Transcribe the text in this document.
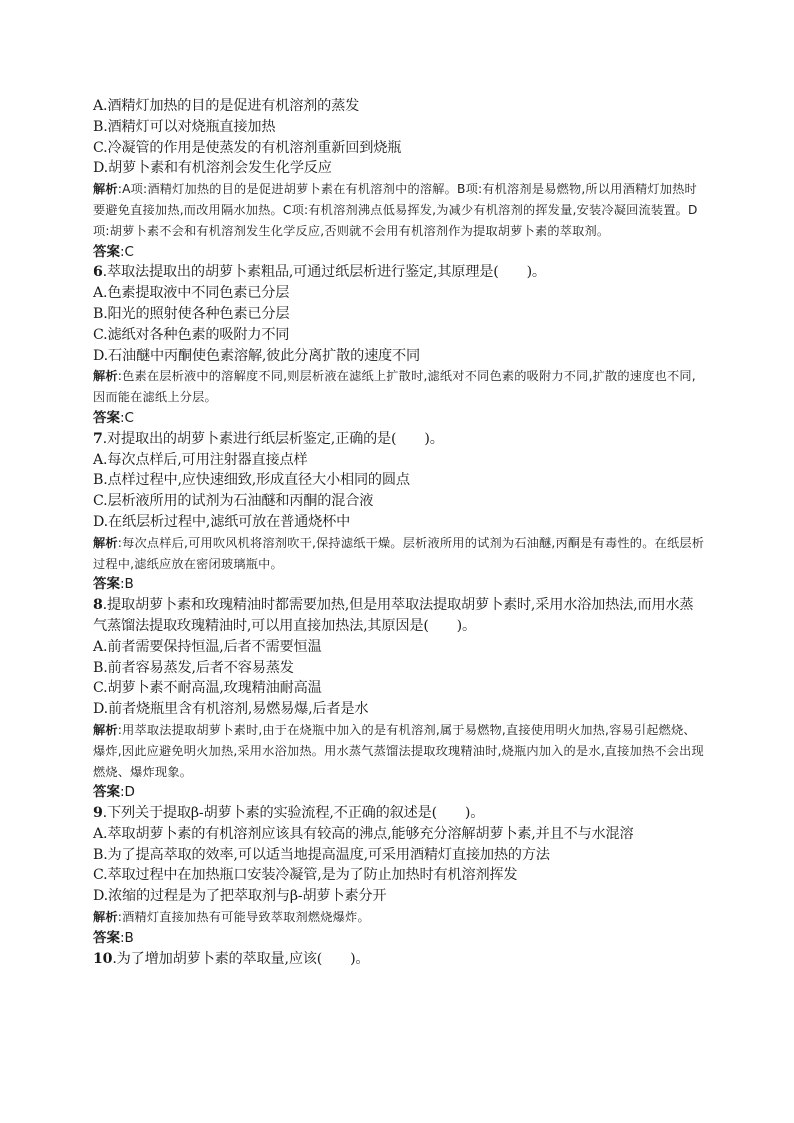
A.酒精灯加热的目的是促进有机溶剂的蒸发
B.酒精灯可以对烧瓶直接加热
C.冷凝管的作用是使蒸发的有机溶剂重新回到烧瓶
D.胡萝卜素和有机溶剂会发生化学反应
解析:A项:酒精灯加热的目的是促进胡萝卜素在有机溶剂中的溶解。B项:有机溶剂是易燃物,所以用酒精灯加热时要避免直接加热,而改用隔水加热。C项:有机溶剂沸点低易挥发,为减少有机溶剂的挥发量,安装冷凝回流装置。D项:胡萝卜素不会和有机溶剂发生化学反应,否则就不会用有机溶剂作为提取胡萝卜素的萃取剂。
答案:C
6.萃取法提取出的胡萝卜素粗品,可通过纸层析进行鉴定,其原理是(　　)。
A.色素提取液中不同色素已分层
B.阳光的照射使各种色素已分层
C.滤纸对各种色素的吸附力不同
D.石油醚中丙酮使色素溶解,彼此分离扩散的速度不同
解析:色素在层析液中的溶解度不同,则层析液在滤纸上扩散时,滤纸对不同色素的吸附力不同,扩散的速度也不同,因而能在滤纸上分层。
答案:C
7.对提取出的胡萝卜素进行纸层析鉴定,正确的是(　　)。
A.每次点样后,可用注射器直接点样
B.点样过程中,应快速细致,形成直径大小相同的圆点
C.层析液所用的试剂为石油醚和丙酮的混合液
D.在纸层析过程中,滤纸可放在普通烧杯中
解析:每次点样后,可用吹风机将溶剂吹干,保持滤纸干燥。层析液所用的试剂为石油醚,丙酮是有毒性的。在纸层析过程中,滤纸应放在密闭玻璃瓶中。
答案:B
8.提取胡萝卜素和玫瑰精油时都需要加热,但是用萃取法提取胡萝卜素时,采用水浴加热法,而用水蒸气蒸馏法提取玫瑰精油时,可以用直接加热法,其原因是(　　)。
A.前者需要保持恒温,后者不需要恒温
B.前者容易蒸发,后者不容易蒸发
C.胡萝卜素不耐高温,玫瑰精油耐高温
D.前者烧瓶里含有机溶剂,易燃易爆,后者是水
解析:用萃取法提取胡萝卜素时,由于在烧瓶中加入的是有机溶剂,属于易燃物,直接使用明火加热,容易引起燃烧、爆炸,因此应避免明火加热,采用水浴加热。用水蒸气蒸馏法提取玫瑰精油时,烧瓶内加入的是水,直接加热不会出现燃烧、爆炸现象。
答案:D
9.下列关于提取β-胡萝卜素的实验流程,不正确的叙述是(　　)。
A.萃取胡萝卜素的有机溶剂应该具有较高的沸点,能够充分溶解胡萝卜素,并且不与水混溶
B.为了提高萃取的效率,可以适当地提高温度,可采用酒精灯直接加热的方法
C.萃取过程中在加热瓶口安装冷凝管,是为了防止加热时有机溶剂挥发
D.浓缩的过程是为了把萃取剂与β-胡萝卜素分开
解析:酒精灯直接加热有可能导致萃取剂燃烧爆炸。
答案:B
10.为了增加胡萝卜素的萃取量,应该(　　)。
